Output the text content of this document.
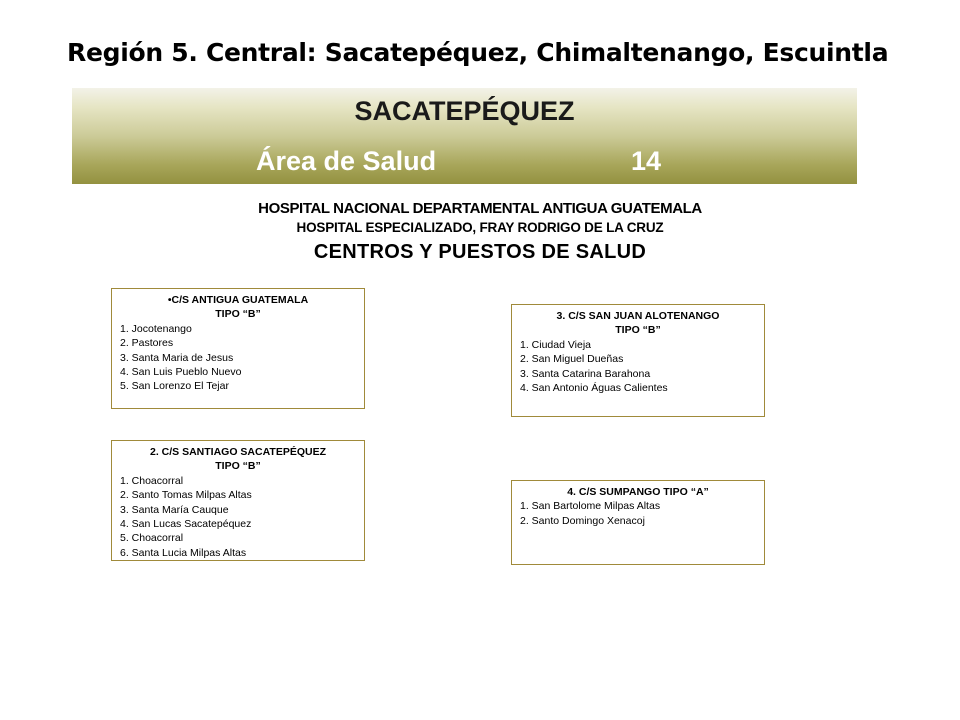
Región 5. Central: Sacatepéquez, Chimaltenango, Escuintla
SACATEPÉQUEZ
Área de Salud	14
HOSPITAL NACIONAL DEPARTAMENTAL ANTIGUA GUATEMALA
HOSPITAL ESPECIALIZADO, FRAY RODRIGO DE LA CRUZ
CENTROS Y PUESTOS DE SALUD
•C/S ANTIGUA GUATEMALA
TIPO “B”
1. Jocotenango
2. Pastores
3. Santa Maria de Jesus
4. San Luis Pueblo Nuevo
5. San Lorenzo El Tejar
3. C/S SAN JUAN ALOTENANGO
TIPO “B”
1. Ciudad Vieja
2. San Miguel Dueñas
3. Santa Catarina Barahona
4. San Antonio Águas Calientes
2. C/S SANTIAGO SACATEPÉQUEZ
TIPO “B”
1. Choacorral
2. Santo Tomas Milpas Altas
3. Santa María Cauque
4. San Lucas Sacatepéquez
5. Choacorral
6. Santa Lucia Milpas Altas
4. C/S SUMPANGO TIPO “A”
1. San Bartolome Milpas Altas
2. Santo Domingo Xenacoj
